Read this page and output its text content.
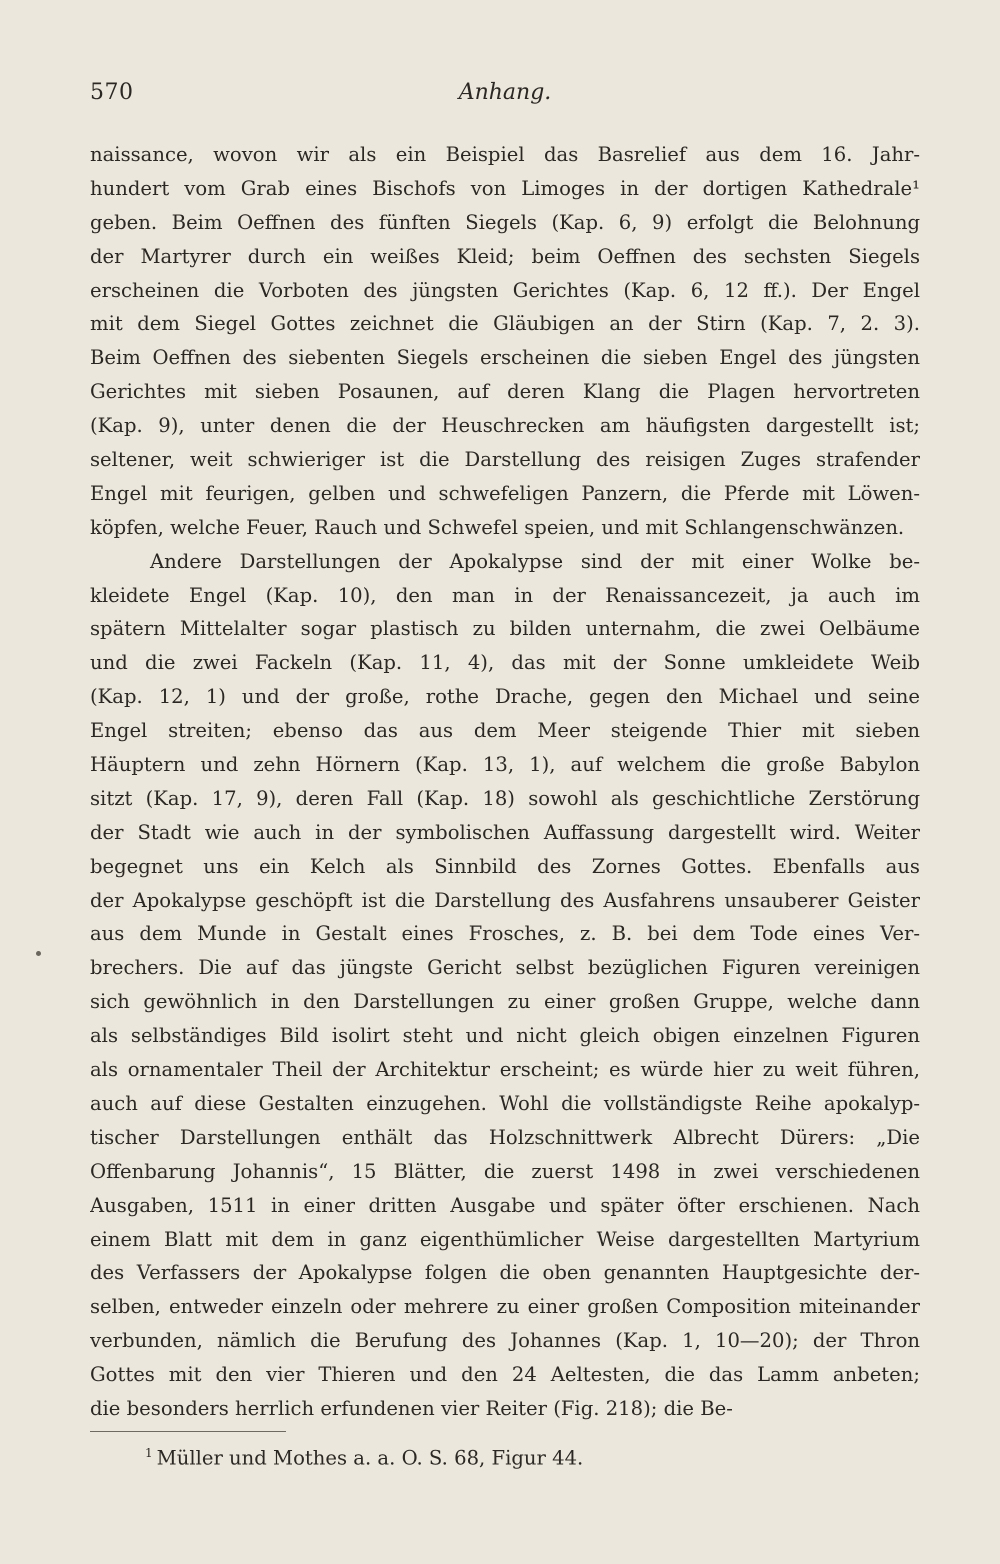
570	Anhang.
naissance, wovon wir als ein Beispiel das Basrelief aus dem 16. Jahr-
hundert vom Grab eines Bischofs von Limoges in der dortigen Kathedrale¹
geben. Beim Oeffnen des fünften Siegels (Kap. 6, 9) erfolgt die Belohnung
der Martyrer durch ein weißes Kleid; beim Oeffnen des sechsten Siegels
erscheinen die Vorboten des jüngsten Gerichtes (Kap. 6, 12 ff.). Der Engel
mit dem Siegel Gottes zeichnet die Gläubigen an der Stirn (Kap. 7, 2. 3).
Beim Oeffnen des siebenten Siegels erscheinen die sieben Engel des jüngsten
Gerichtes mit sieben Posaunen, auf deren Klang die Plagen hervortreten
(Kap. 9), unter denen die der Heuschrecken am häufigsten dargestellt ist;
seltener, weit schwieriger ist die Darstellung des reisigen Zuges strafender
Engel mit feurigen, gelben und schwefeligen Panzern, die Pferde mit Löwen-
köpfen, welche Feuer, Rauch und Schwefel speien, und mit Schlangenschwänzen.
Andere Darstellungen der Apokalypse sind der mit einer Wolke be-
kleidete Engel (Kap. 10), den man in der Renaissancezeit, ja auch im
spätern Mittelalter sogar plastisch zu bilden unternahm, die zwei Oelbäume
und die zwei Fackeln (Kap. 11, 4), das mit der Sonne umkleidete Weib
(Kap. 12, 1) und der große, rothe Drache, gegen den Michael und seine
Engel streiten; ebenso das aus dem Meer steigende Thier mit sieben
Häuptern und zehn Hörnern (Kap. 13, 1), auf welchem die große Babylon
sitzt (Kap. 17, 9), deren Fall (Kap. 18) sowohl als geschichtliche Zerstörung
der Stadt wie auch in der symbolischen Auffassung dargestellt wird. Weiter
begegnet uns ein Kelch als Sinnbild des Zornes Gottes. Ebenfalls aus
der Apokalypse geschöpft ist die Darstellung des Ausfahrens unsauberer Geister
aus dem Munde in Gestalt eines Frosches, z. B. bei dem Tode eines Ver-
brechers. Die auf das jüngste Gericht selbst bezüglichen Figuren vereinigen
sich gewöhnlich in den Darstellungen zu einer großen Gruppe, welche dann
als selbständiges Bild isolirt steht und nicht gleich obigen einzelnen Figuren
als ornamentaler Theil der Architektur erscheint; es würde hier zu weit führen,
auch auf diese Gestalten einzugehen. Wohl die vollständigste Reihe apokalyp-
tischer Darstellungen enthält das Holzschnittwerk Albrecht Dürers: „Die
Offenbarung Johannis“, 15 Blätter, die zuerst 1498 in zwei verschiedenen
Ausgaben, 1511 in einer dritten Ausgabe und später öfter erschienen. Nach
einem Blatt mit dem in ganz eigenthümlicher Weise dargestellten Martyrium
des Verfassers der Apokalypse folgen die oben genannten Hauptgesichte der-
selben, entweder einzeln oder mehrere zu einer großen Composition miteinander
verbunden, nämlich die Berufung des Johannes (Kap. 1, 10—20); der Thron
Gottes mit den vier Thieren und den 24 Aeltesten, die das Lamm anbeten;
die besonders herrlich erfundenen vier Reiter (Fig. 218); die Be-
$^1$ Müller und Mothes a. a. O. S. 68, Figur 44.
